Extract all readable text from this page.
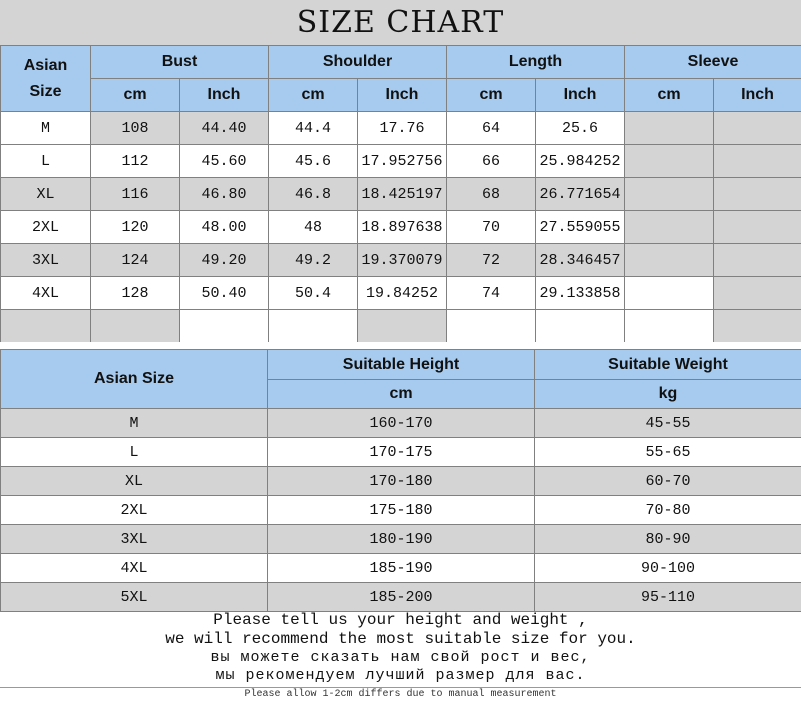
SIZE CHART
Asian Size	Bust		Shoulder		Length		Sleeve	
	cm	Inch	cm	Inch	cm	Inch	cm	Inch
M	108	44.40	44.4	17.76	64	25.6		
L	112	45.60	45.6	17.952756	66	25.984252		
XL	116	46.80	46.8	18.425197	68	26.771654		
2XL	120	48.00	48	18.897638	70	27.559055		
3XL	124	49.20	49.2	19.370079	72	28.346457		
4XL	128	50.40	50.4	19.84252	74	29.133858		

Asian Size	Suitable Height	Suitable Weight
	cm	kg
M	160-170	45-55
L	170-175	55-65
XL	170-180	60-70
2XL	175-180	70-80
3XL	180-190	80-90
4XL	185-190	90-100
5XL	185-200	95-110
Please tell us your height and weight ,
we will recommend the most suitable size for you.
вы можете сказать нам свой рост и вес,
мы рекомендуем лучший размер для вас.
Please allow 1-2cm differs due to manual measurement
